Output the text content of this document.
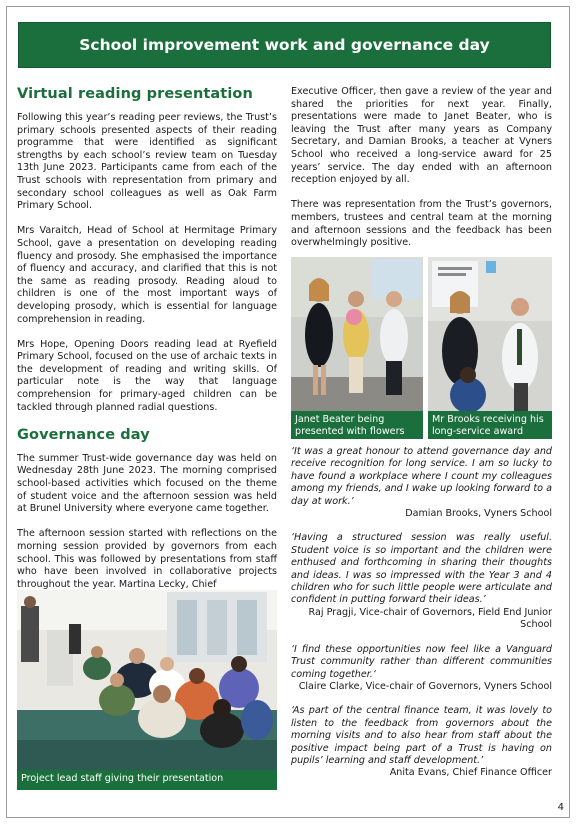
School improvement work and governance day
Virtual reading presentation

Following this year’s reading peer reviews, the Trust’s primary schools presented aspects of their reading programme that were identified as significant strengths by each school’s review team on Tuesday 13th June 2023. Participants came from each of the Trust schools with representation from primary and secondary school colleagues as well as Oak Farm Primary School.

Mrs Varaitch, Head of School at Hermitage Primary School, gave a presentation on developing reading fluency and prosody. She emphasised the importance of fluency and accuracy, and clarified that this is not the same as reading prosody. Reading aloud to children is one of the most important ways of developing prosody, which is essential for language comprehension in reading.

Mrs Hope, Opening Doors reading lead at Ryefield Primary School, focused on the use of archaic texts in the development of reading and writing skills. Of particular note is the way that language comprehension for primary-aged children can be tackled through planned radial questions.

Governance day

The summer Trust-wide governance day was held on Wednesday 28th June 2023. The morning comprised school-based activities which focused on the theme of student voice and the afternoon session was held at Brunel University where everyone came together.

The afternoon session started with reflections on the morning session provided by governors from each school. This was followed by presentations from staff who have been involved in collaborative projects throughout the year. Martina Lecky, Chief

Project lead staff giving their presentation

Executive Officer, then gave a review of the year and shared the priorities for next year. Finally, presentations were made to Janet Beater, who is leaving the Trust after many years as Company Secretary, and Damian Brooks, a teacher at Vyners School who received a long-service award for 25 years’ service. The day ended with an afternoon reception enjoyed by all.

There was representation from the Trust’s governors, members, trustees and central team at the morning and afternoon sessions and the feedback has been overwhelmingly positive.

Janet Beater being presented with flowers
Mr Brooks receiving his long-service award

‘It was a great honour to attend governance day and receive recognition for long service. I am so lucky to have found a workplace where I count my colleagues among my friends, and I wake up looking forward to a day at work.’

Damian Brooks, Vyners School

‘Having a structured session was really useful. Student voice is so important and the children were enthused and forthcoming in sharing their thoughts and ideas. I was so impressed with the Year 3 and 4 children who for such little people were articulate and confident in putting forward their ideas.’

Raj Pragji, Vice-chair of Governors, Field End Junior School

‘I find these opportunities now feel like a Vanguard Trust community rather than different communities coming together.‘

Claire Clarke, Vice-chair of Governors, Vyners School

‘As part of the central finance team, it was lovely to listen to the feedback from governors about the morning visits and to also hear from staff about the positive impact being part of a Trust is having on pupils’ learning and staff development.’

Anita Evans, Chief Finance Officer

4
